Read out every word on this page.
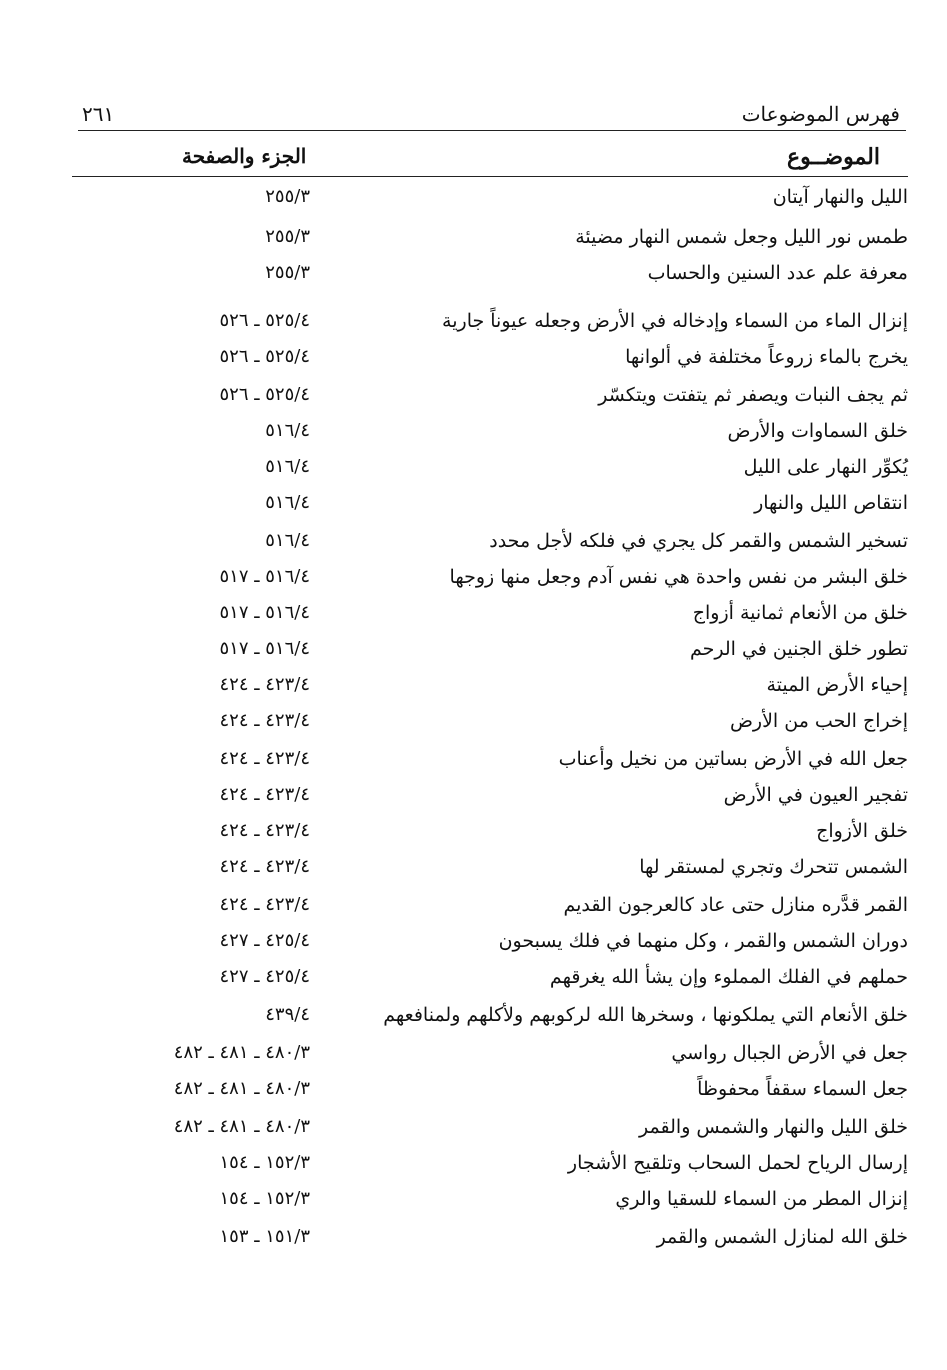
فهرس الموضوعات
٢٦١
الموضــوع
الجزء والصفحة
الليل والنهار آيتان
٢٥٥/٣
طمس نور الليل وجعل شمس النهار مضيئة
٢٥٥/٣
معرفة علم عدد السنين والحساب
٢٥٥/٣
إنزال الماء من السماء وإدخاله في الأرض وجعله عيوناً جارية
٥٢٥/٤ ـ ٥٢٦
يخرج بالماء زروعاً مختلفة في ألوانها
٥٢٥/٤ ـ ٥٢٦
ثم يجف النبات ويصفر ثم يتفتت ويتكسّر
٥٢٥/٤ ـ ٥٢٦
خلق السماوات والأرض
٥١٦/٤
يُكوِّر النهار على الليل
٥١٦/٤
انتقاص الليل والنهار
٥١٦/٤
تسخير الشمس والقمر كل يجري في فلكه لأجل محدد
٥١٦/٤
خلق البشر من نفس واحدة هي نفس آدم وجعل منها زوجها
٥١٦/٤ ـ ٥١٧
خلق من الأنعام ثمانية أزواج
٥١٦/٤ ـ ٥١٧
تطور خلق الجنين في الرحم
٥١٦/٤ ـ ٥١٧
إحياء الأرض الميتة
٤٢٣/٤ ـ ٤٢٤
إخراج الحب من الأرض
٤٢٣/٤ ـ ٤٢٤
جعل الله في الأرض بساتين من نخيل وأعناب
٤٢٣/٤ ـ ٤٢٤
تفجير العيون في الأرض
٤٢٣/٤ ـ ٤٢٤
خلق الأزواج
٤٢٣/٤ ـ ٤٢٤
الشمس تتحرك وتجري لمستقر لها
٤٢٣/٤ ـ ٤٢٤
القمر قدَّره منازل حتى عاد كالعرجون القديم
٤٢٣/٤ ـ ٤٢٤
دوران الشمس والقمر ، وكل منهما في فلك يسبحون
٤٢٥/٤ ـ ٤٢٧
حملهم في الفلك المملوء وإن يشأ الله يغرقهم
٤٢٥/٤ ـ ٤٢٧
خلق الأنعام التي يملكونها ، وسخرها الله لركوبهم ولأكلهم ولمنافعهم
٤٣٩/٤
جعل في الأرض الجبال رواسي
٤٨٠/٣ ـ ٤٨١ ـ ٤٨٢
جعل السماء سقفاً محفوظاً
٤٨٠/٣ ـ ٤٨١ ـ ٤٨٢
خلق الليل والنهار والشمس والقمر
٤٨٠/٣ ـ ٤٨١ ـ ٤٨٢
إرسال الرياح لحمل السحاب وتلقيح الأشجار
١٥٢/٣ ـ ١٥٤
إنزال المطر من السماء للسقيا والري
١٥٢/٣ ـ ١٥٤
خلق الله لمنازل الشمس والقمر
١٥١/٣ ـ ١٥٣
